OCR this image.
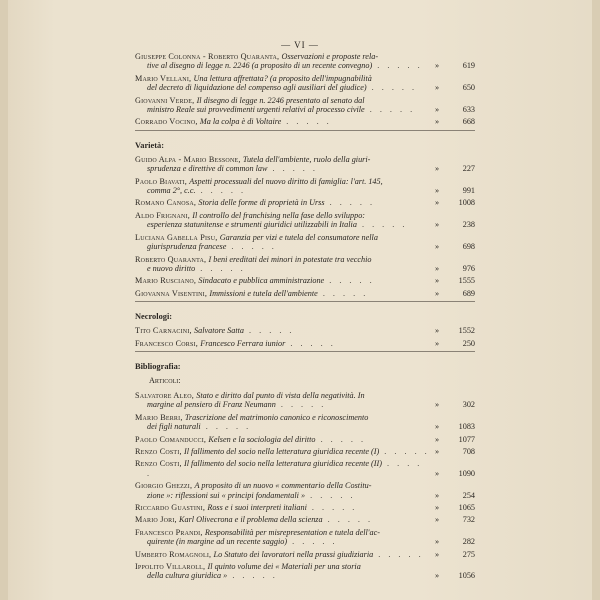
— VI —
Giuseppe Colonna - Roberto Quaranta, Osservazioni e proposte rela-
tive al disegno di legge n. 2246 (a proposito di un recente convegno) . . . . . »	619
Mario Vellani, Una lettura affrettata? (a proposito dell'impugnabilità
del decreto di liquidazione del compenso agli ausiliari del giudice) . . . . . »	650
Giovanni Verde, Il disegno di legge n. 2246 presentato al senato dal
ministro Reale sui provvedimenti urgenti relativi al processo civile . . . . . »	633
Corrado Vocino, Ma la colpa è di Voltaire . . . . .	»	668
Varietà:
Guido Alpa - Mario Bessone, Tutela dell'ambiente, ruolo della giuri-
sprudenza e direttive di common law . . . . .	»	227
Paolo Biavati, Aspetti processuali del nuovo diritto di famiglia: l'art. 145,
comma 2°, c.c. . . . . .	»	991
Romano Canosa, Storia delle forme di proprietà in Urss . . . . .	» 1008
Aldo Frignani, Il controllo del franchising nella fase dello sviluppo:
esperienza statunitense e strumenti giuridici utilizzabili in Italia . . . . .	»	238
Luciana Gabella Pisu, Garanzia per vizi e tutela del consumatore nella
giurisprudenza francese . . . . .	»	698
Roberto Quaranta, I beni ereditati dei minori in potestate tra vecchio
e nuovo diritto . . . . .	»	976
Mario Rusciano, Sindacato e pubblica amministrazione . . . . .	» 1555
Giovanna Visentini, Immissioni e tutela dell'ambiente . . . . .	»	689
Necrologi:
Tito Carnacini, Salvatore Satta . . . . .	» 1552
Francesco Corsi, Francesco Ferrara iunior . . . . .	»	250
Bibliografia:
Articoli:
Salvatore Aleo, Stato e diritto dal punto di vista della negatività. In
margine al pensiero di Franz Neumann . . . . .	»	302
Mario Berri, Trascrizione del matrimonio canonico e riconoscimento
dei figli naturali . . . . .	» 1083
Paolo Comanducci, Kelsen e la sociologia del diritto . . . . .	» 1077
Renzo Costi, Il fallimento del socio nella letteratura giuridica recente (I) . . . . . »	708
Renzo Costi, Il fallimento del socio nella letteratura giuridica recente (II) . . . . .	» 1090
Giorgio Ghezzi, A proposito di un nuovo « commentario della Costitu-
zione »: riflessioni sui « principi fondamentali » . . . . .	»	254
Riccardo Guastini, Ross e i suoi interpreti italiani . . . . .	» 1065
Mario Jori, Karl Olivecrona e il problema della scienza . . . . .	»	732
Francesco Prandi, Responsabilità per misrepresentation e tutela dell'ac-
quirente (in margine ad un recente saggio) . . . . .	»	282
Umberto Romagnoli, Lo Statuto dei lavoratori nella prassi giudiziaria . . . . . »	275
Ippolito Villaroll, Il quinto volume dei « Materiali per una storia
della cultura giuridica » . . . . .	» 1056
